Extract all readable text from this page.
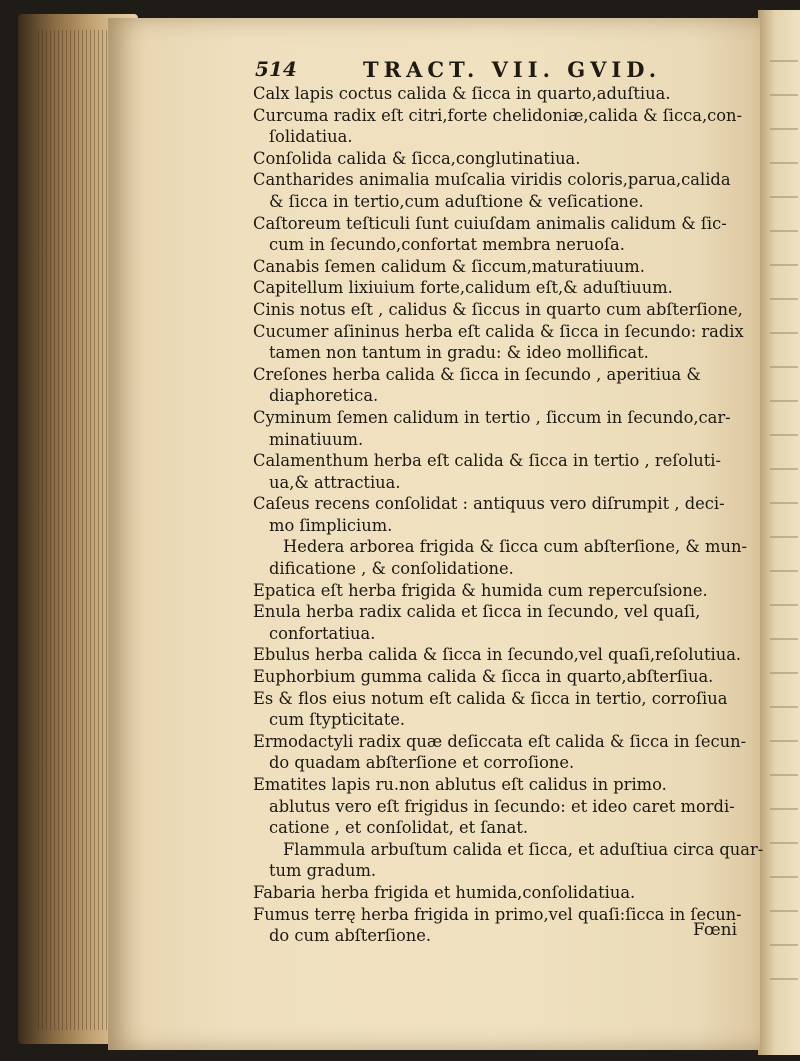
514	TRACT. VII. GVID.
Calx lapis coctus calida & ſicca in quarto,aduſtiua.
Curcuma radix eſt citri,forte chelidoniæ,calida & ſicca,con-
ſolidatiua.
Conſolida calida & ſicca,conglutinatiua.
Cantharides animalia muſcalia viridis coloris,parua,calida
& ſicca in tertio,cum aduſtione & veſicatione.
Caſtoreum teſticuli ſunt cuiuſdam animalis calidum & ſic-
cum in ſecundo,confortat membra neruoſa.
Canabis ſemen calidum & ſiccum,maturatiuum.
Capitellum lixiuium forte,calidum eſt,& aduſtiuum.
Cinis notus eſt , calidus & ſiccus in quarto cum abſterſione,
Cucumer aſininus herba eſt calida & ſicca in ſecundo: radix
tamen non tantum in gradu: & ideo mollificat.
Creſones herba calida & ſicca in ſecundo , aperitiua &
diaphoretica.
Cyminum ſemen calidum in tertio , ſiccum in ſecundo,car-
minatiuum.
Calamenthum herba eſt calida & ſicca in tertio , reſoluti-
ua,& attractiua.
Caſeus recens conſolidat : antiquus vero diſrumpit , deci-
mo ſimplicium.
Hedera arborea frigida & ſicca cum abſterſione, & mun-
dificatione , & conſolidatione.
Epatica eſt herba frigida & humida cum repercuſsione.
Enula herba radix calida et ſicca in ſecundo, vel quaſi,
confortatiua.
Ebulus herba calida & ſicca in ſecundo,vel quaſi,reſolutiua.
Euphorbium gumma calida & ſicca in quarto,abſterſiua.
Es & flos eius notum eſt calida & ſicca in tertio, corroſiua
cum ſtypticitate.
Ermodactyli radix quæ deſiccata eſt calida & ſicca in ſecun-
do quadam abſterſione et corroſione.
Ematites lapis ru.non ablutus eſt calidus in primo.
ablutus vero eſt frigidus in ſecundo: et ideo caret mordi-
catione , et conſolidat, et ſanat.
Flammula arbuſtum calida et ſicca, et aduſtiua circa quar-
tum gradum.
Fabaria herba frigida et humida,conſolidatiua.
Fumus terrę herba frigida in primo,vel quaſi:ſicca in ſecun-
do cum abſterſione.	Fœni
